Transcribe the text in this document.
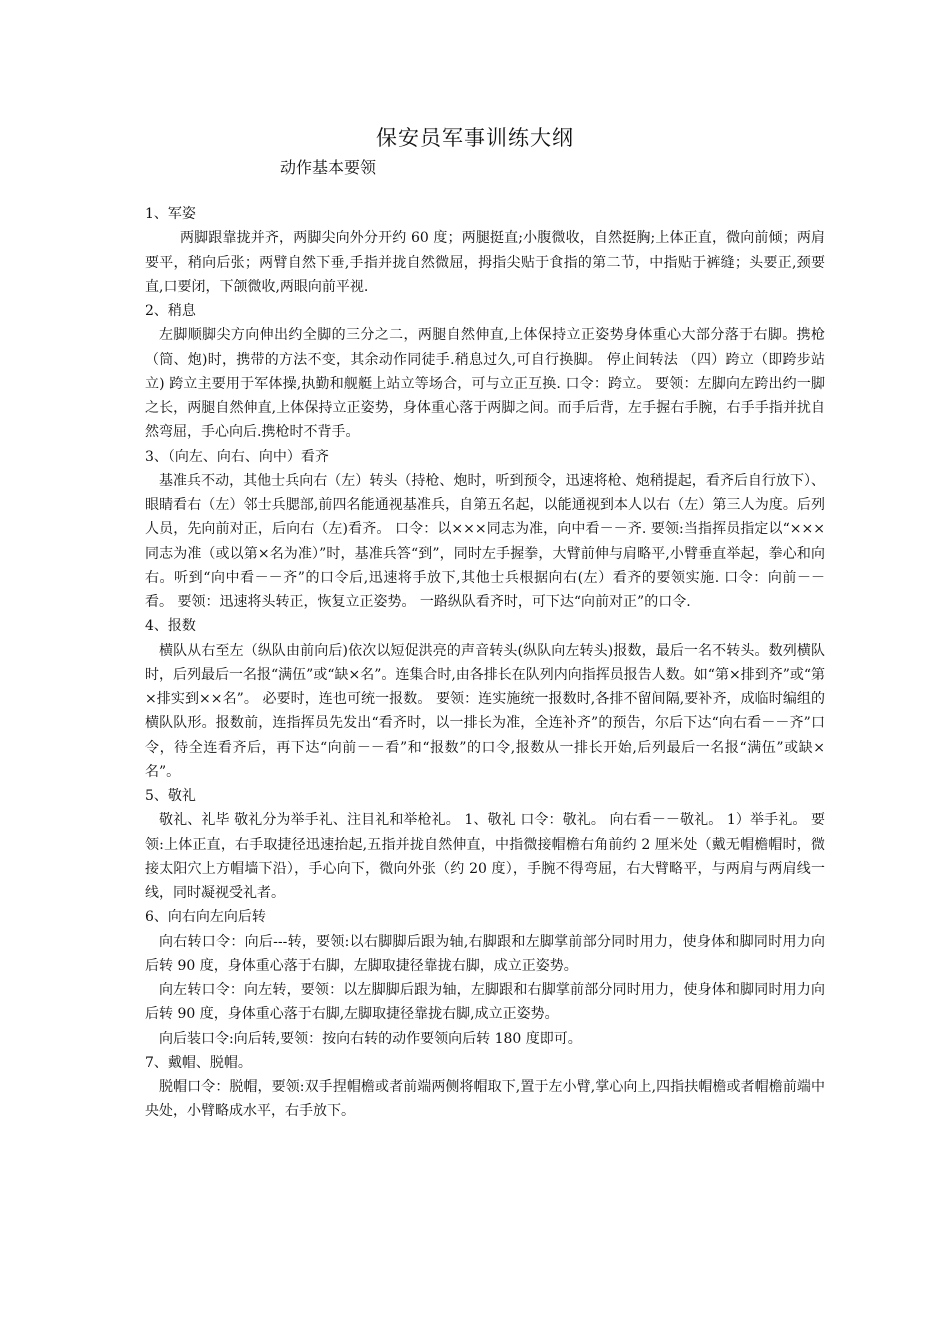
保安员军事训练大纲
动作基本要领

1、军姿

两脚跟靠拢并齐，两脚尖向外分开约 60 度；两腿挺直;小腹微收，自然挺胸;上体正直，微向前倾；两肩要平，稍向后张；两臂自然下垂,手指并拢自然微屈，拇指尖贴于食指的第二节，中指贴于裤缝；头要正,颈要直,口要闭，下颌微收,两眼向前平视.

2、稍息

左脚顺脚尖方向伸出约全脚的三分之二，两腿自然伸直,上体保持立正姿势身体重心大部分落于右脚。携枪（筒、炮)时，携带的方法不变，其余动作同徒手.稍息过久,可自行换脚。 停止间转法 （四）跨立（即跨步站立) 跨立主要用于军体操,执勤和舰艇上站立等场合，可与立正互换. 口令：跨立。 要领：左脚向左跨出约一脚之长，两腿自然伸直,上体保持立正姿势，身体重心落于两脚之间。而手后背，左手握右手腕，右手手指并扰自然弯屈，手心向后.携枪时不背手。

3、（向左、向右、向中）看齐

基准兵不动，其他士兵向右（左）转头（持枪、炮时，听到预令，迅速将枪、炮稍提起，看齐后自行放下）、眼睛看右（左）邻士兵腮部,前四名能通视基准兵，自第五名起，以能通视到本人以右（左）第三人为度。后列人员，先向前对正，后向右（左)看齐。 口令：以×××同志为准，向中看－－齐. 要领:当指挥员指定以“×××同志为准（或以第×名为准）”时，基准兵答“到”，同时左手握拳，大臂前伸与肩略平,小臂垂直举起，拳心和向右。听到“向中看－－齐”的口令后,迅速将手放下,其他士兵根据向右(左）看齐的要领实施. 口令：向前－－看。 要领：迅速将头转正，恢复立正姿势。 一路纵队看齐时，可下达“向前对正”的口令.

4、报数

横队从右至左（纵队由前向后)依次以短促洪亮的声音转头(纵队向左转头)报数，最后一名不转头。数列横队时，后列最后一名报“满伍”或“缺×名”。连集合时,由各排长在队列内向指挥员报告人数。如“第×排到齐”或“第×排实到××名”。 必要时，连也可统一报数。 要领：连实施统一报数时,各排不留间隔,要补齐，成临时编组的横队队形。报数前，连指挥员先发出“看齐时，以一排长为准，全连补齐”的预告，尔后下达“向右看－－齐”口令，待全连看齐后，再下达“向前－－看”和“报数”的口令,报数从一排长开始,后列最后一名报“满伍”或缺×名”。

5、敬礼

敬礼、礼毕 敬礼分为举手礼、注目礼和举枪礼。 1、敬礼 口令：敬礼。 向右看－－敬礼。 1）举手礼。 要领:上体正直，右手取捷径迅速抬起,五指并拢自然伸直，中指微接帽檐右角前约 2 厘米处（戴无帽檐帽时，微接太阳穴上方帽墙下沿），手心向下，微向外张（约 20 度），手腕不得弯屈，右大臂略平，与两肩与两肩线一线，同时凝视受礼者。

6、向右向左向后转

向右转口令：向后---转，要领:以右脚脚后跟为轴,右脚跟和左脚掌前部分同时用力，使身体和脚同时用力向后转 90 度，身体重心落于右脚，左脚取捷径靠拢右脚，成立正姿势。

向左转口令：向左转，要领：以左脚脚后跟为轴，左脚跟和右脚掌前部分同时用力，使身体和脚同时用力向后转 90 度，身体重心落于右脚,左脚取捷径靠拢右脚,成立正姿势。

向后装口令:向后转,要领：按向右转的动作要领向后转 180 度即可。

7、戴帽、脱帽。

脱帽口令：脱帽，要领:双手捏帽檐或者前端两侧将帽取下,置于左小臂,掌心向上,四指扶帽檐或者帽檐前端中央处，小臂略成水平，右手放下。
